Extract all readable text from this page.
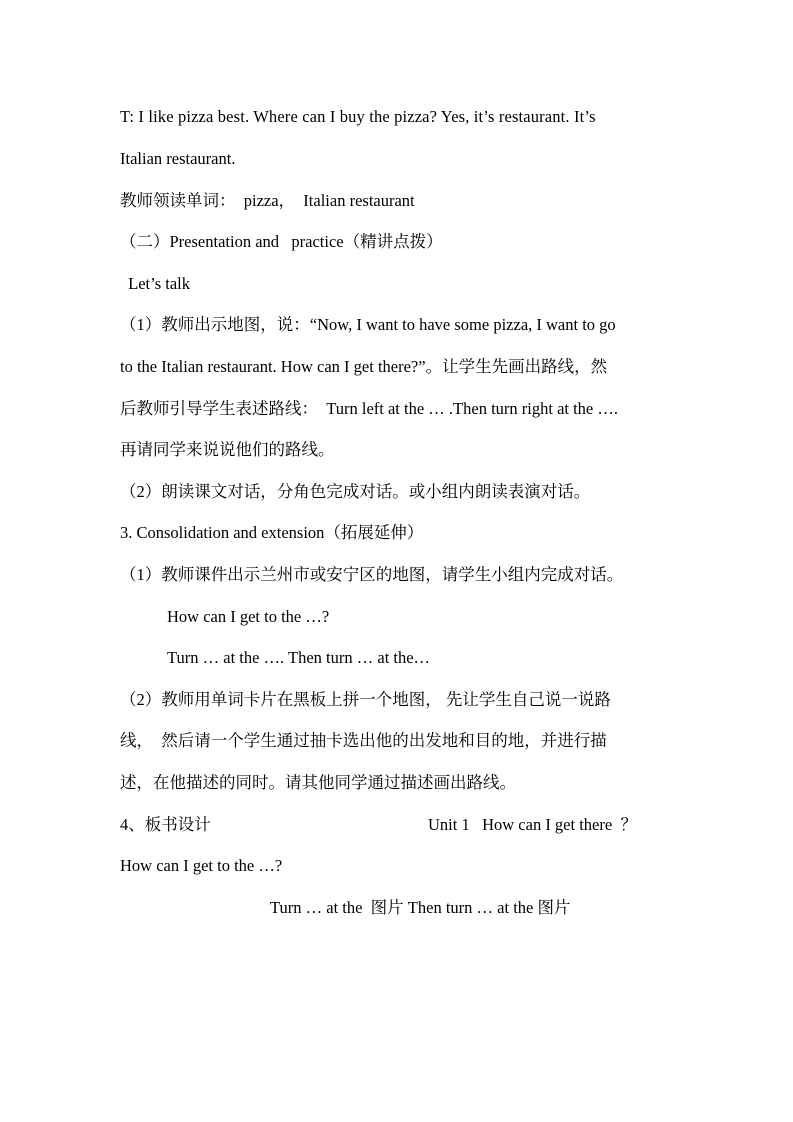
T: I like pizza best. Where can I buy the pizza? Yes, it’s restaurant. It’s
Italian restaurant.
教师领读单词：  pizza，  Italian restaurant
（二）Presentation and   practice（精讲点拨）
Let’s talk
（1）教师出示地图，说：“Now, I want to have some pizza, I want to go
to the Italian restaurant. How can I get there?”。让学生先画出路线，然
后教师引导学生表述路线：  Turn left at the … .Then turn right at the ….
再请同学来说说他们的路线。
（2）朗读课文对话，分角色完成对话。或小组内朗读表演对话。
3. Consolidation and extension（拓展延伸）
（1）教师课件出示兰州市或安宁区的地图，请学生小组内完成对话。
How can I get to the …?
Turn … at the …. Then turn … at the…
（2）教师用单词卡片在黑板上拼一个地图， 先让学生自己说一说路
线，  然后请一个学生通过抽卡选出他的出发地和目的地，并进行描
述，在他描述的同时。请其他同学通过描述画出路线。
4、板书设计	Unit 1   How can I get there  ？
How can I get to the …?
Turn … at the  图片 Then turn … at the 图片
